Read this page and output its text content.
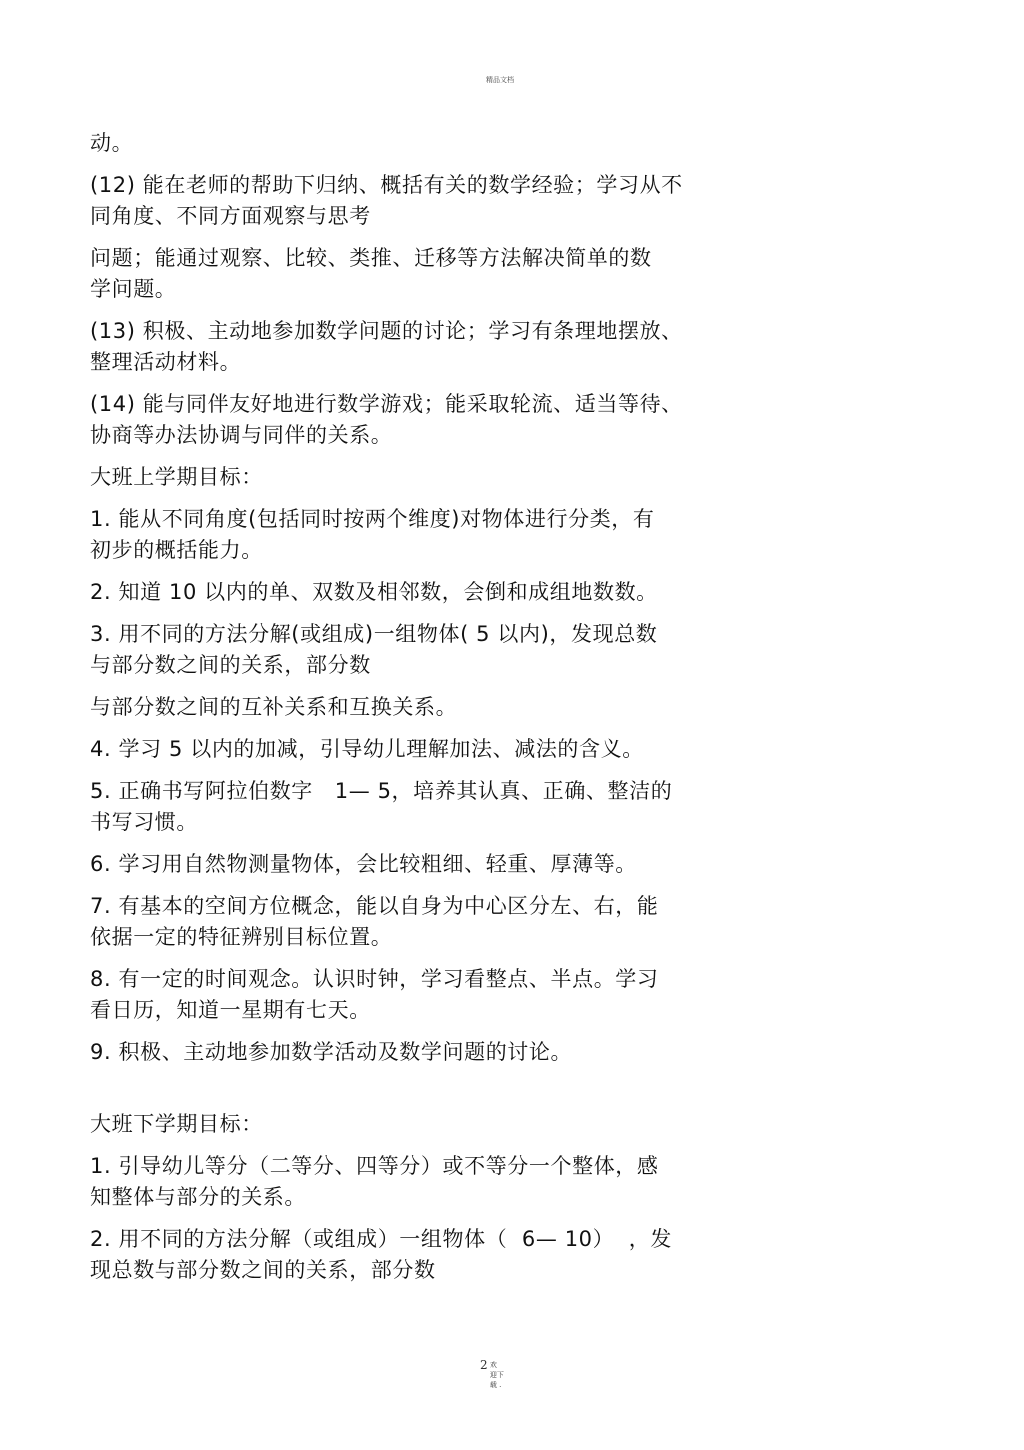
精品文档

动。

(12) 能在老师的帮助下归纳、概括有关的数学经验；学习从不
同角度、不同方面观察与思考

问题；能通过观察、比较、类推、迁移等方法解决简单的数
学问题。

(13) 积极、主动地参加数学问题的讨论；学习有条理地摆放、
整理活动材料。

(14) 能与同伴友好地进行数学游戏；能采取轮流、适当等待、
协商等办法协调与同伴的关系。

大班上学期目标：

1. 能从不同角度(包括同时按两个维度)对物体进行分类，有
初步的概括能力。

2. 知道 10 以内的单、双数及相邻数，会倒和成组地数数。

3. 用不同的方法分解(或组成)一组物体( 5 以内)，发现总数
与部分数之间的关系，部分数

与部分数之间的互补关系和互换关系。

4. 学习 5 以内的加减，引导幼儿理解加法、减法的含义。

5. 正确书写阿拉伯数字   1— 5，培养其认真、正确、整洁的
书写习惯。

6. 学习用自然物测量物体，会比较粗细、轻重、厚薄等。

7. 有基本的空间方位概念，能以自身为中心区分左、右，能
依据一定的特征辨别目标位置。

8. 有一定的时间观念。认识时钟，学习看整点、半点。学习
看日历，知道一星期有七天。

9. 积极、主动地参加数学活动及数学问题的讨论。

大班下学期目标：

1. 引导幼儿等分（二等分、四等分）或不等分一个整体，感
知整体与部分的关系。

2. 用不同的方法分解（或组成）一组物体（  6— 10）  ，发
现总数与部分数之间的关系，部分数

2 欢
迎下
载 .
